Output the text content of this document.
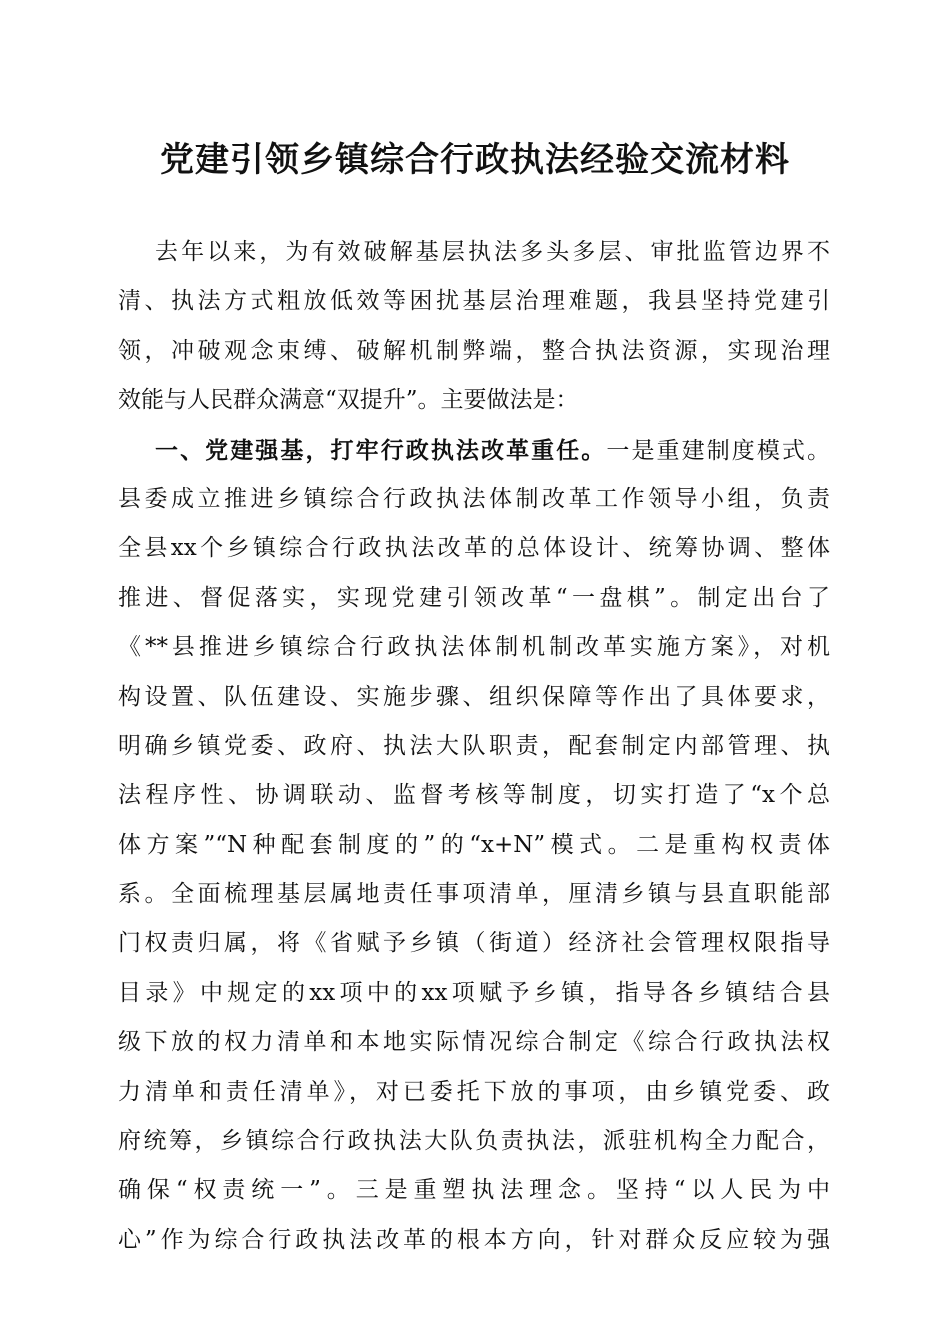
党建引领乡镇综合行政执法经验交流材料
去年以来，为有效破解基层执法多头多层、审批监管边界不
清、执法方式粗放低效等困扰基层治理难题，我县坚持党建引
领，冲破观念束缚、破解机制弊端，整合执法资源，实现治理
效能与人民群众满意“双提升”。主要做法是：
一、党建强基，打牢行政执法改革重任。一是重建制度模式。
县委成立推进乡镇综合行政执法体制改革工作领导小组，负责
全县xx个乡镇综合行政执法改革的总体设计、统筹协调、整体
推进、督促落实，实现党建引领改革“一盘棋”。制定出台了
《**县推进乡镇综合行政执法体制机制改革实施方案》，对机
构设置、队伍建设、实施步骤、组织保障等作出了具体要求，
明确乡镇党委、政府、执法大队职责，配套制定内部管理、执
法程序性、协调联动、监督考核等制度，切实打造了“x个总
体方案”“N种配套制度的”的“x+N”模式。二是重构权责体
系。全面梳理基层属地责任事项清单，厘清乡镇与县直职能部
门权责归属，将《省赋予乡镇（街道）经济社会管理权限指导
目录》中规定的xx项中的xx项赋予乡镇，指导各乡镇结合县
级下放的权力清单和本地实际情况综合制定《综合行政执法权
力清单和责任清单》，对已委托下放的事项，由乡镇党委、政
府统筹，乡镇综合行政执法大队负责执法，派驻机构全力配合，
确保“权责统一”。三是重塑执法理念。坚持“以人民为中
心”作为综合行政执法改革的根本方向，针对群众反应较为强
